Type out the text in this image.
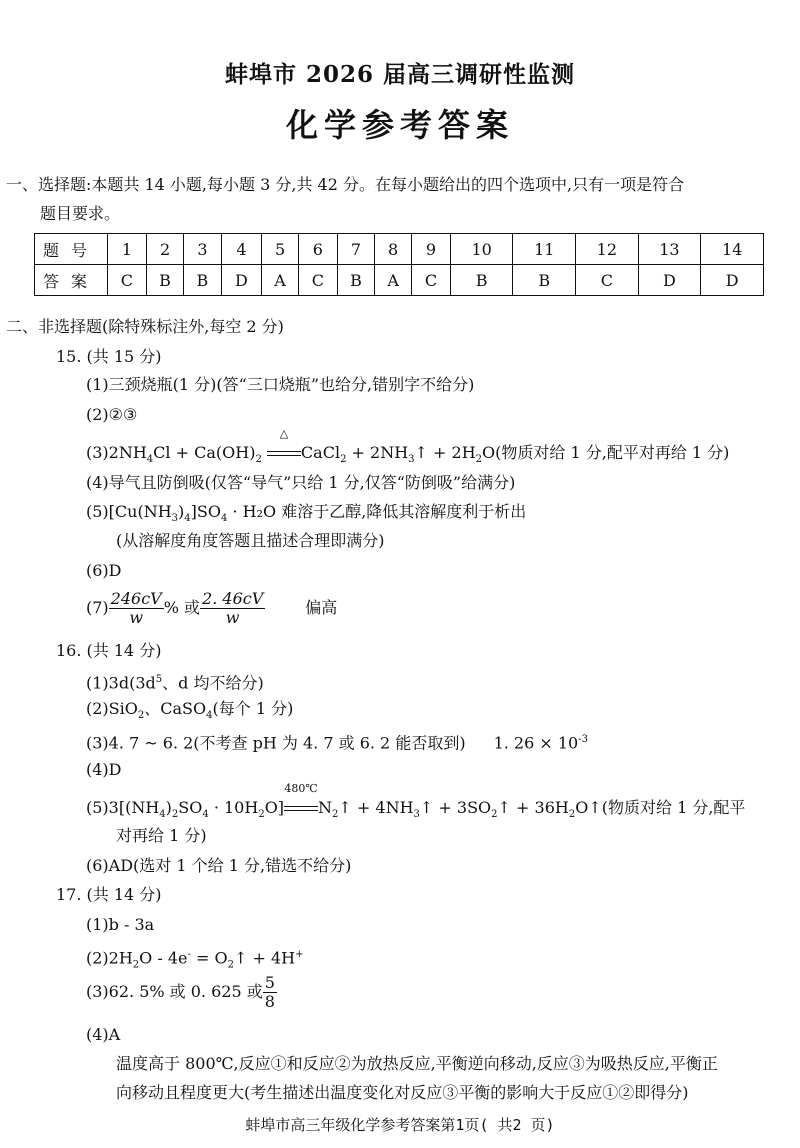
蚌埠市 2026 届高三调研性监测
化学参考答案
一、选择题:本题共 14 小题,每小题 3 分,共 42 分。在每小题给出的四个选项中,只有一项是符合
题目要求。
题号	1	2	3	4	5	6	7	8	9	10	11	12	13	14
答案	C	B	B	D	A	C	B	A	C	B	B	C	D	D
二、非选择题(除特殊标注外,每空 2 分)
15. (共 15 分)
(1)三颈烧瓶(1 分)(答“三口烧瓶”也给分,错别字不给分)
(2)②③
$(3)2NH_4Cl + Ca(OH)_2$
△
CaCl$_2$ + $2NH_3↑ + 2H_2O$(物质对给 1 分,配平对再给 1 分)
(4)导气且防倒吸(仅答“导气”只给 1 分,仅答“防倒吸”给满分)
$(5)[Cu(NH_3)_4]SO_4 \cdot H_2O$ 难溶于乙醇,降低其溶解度利于析出
(从溶解度角度答题且描述合理即满分)
(6)D
$(7) \frac{246cV}{w}$ % 或 $\frac{2. 46cV}{w}$	偏高
16. (共 14 分)
$(1)3d(3d^5$、d 均不给分)
(2)SiO$_2$、CaSO$_4$(每个 1 分)
(3)4. 7 ~ 6. 2(不考查 pH 为 4. 7 或 6. 2 能否取到) 1. $26 \times 10^{-3}$
(4)D
$(5)3[(NH_4)_2SO_4 \cdot 10H_2O]$
480℃
$N_2↑$ + $4NH_3↑$ + $3SO_2↑$ + $36H_2O↑$(物质对给 1 分,配平
对再给 1 分)
(6)AD(选对 1 个给 1 分,错选不给分)
17. (共 14 分)
(1)b - 3a
$(2)2H_2O - 4e^-$ = $O_2↑ + 4H^+$
(3)62. 5% 或 0. 625 或 $\frac{5}{8}$
(4)A
温度高于 800℃,反应①和反应②为放热反应,平衡逆向移动,反应③为吸热反应,平衡正
向移动且程度更大(考生描述出温度变化对反应③平衡的影响大于反应①②即得分)
蚌埠市高三年级化学参考答案第1页( 共2 页)
